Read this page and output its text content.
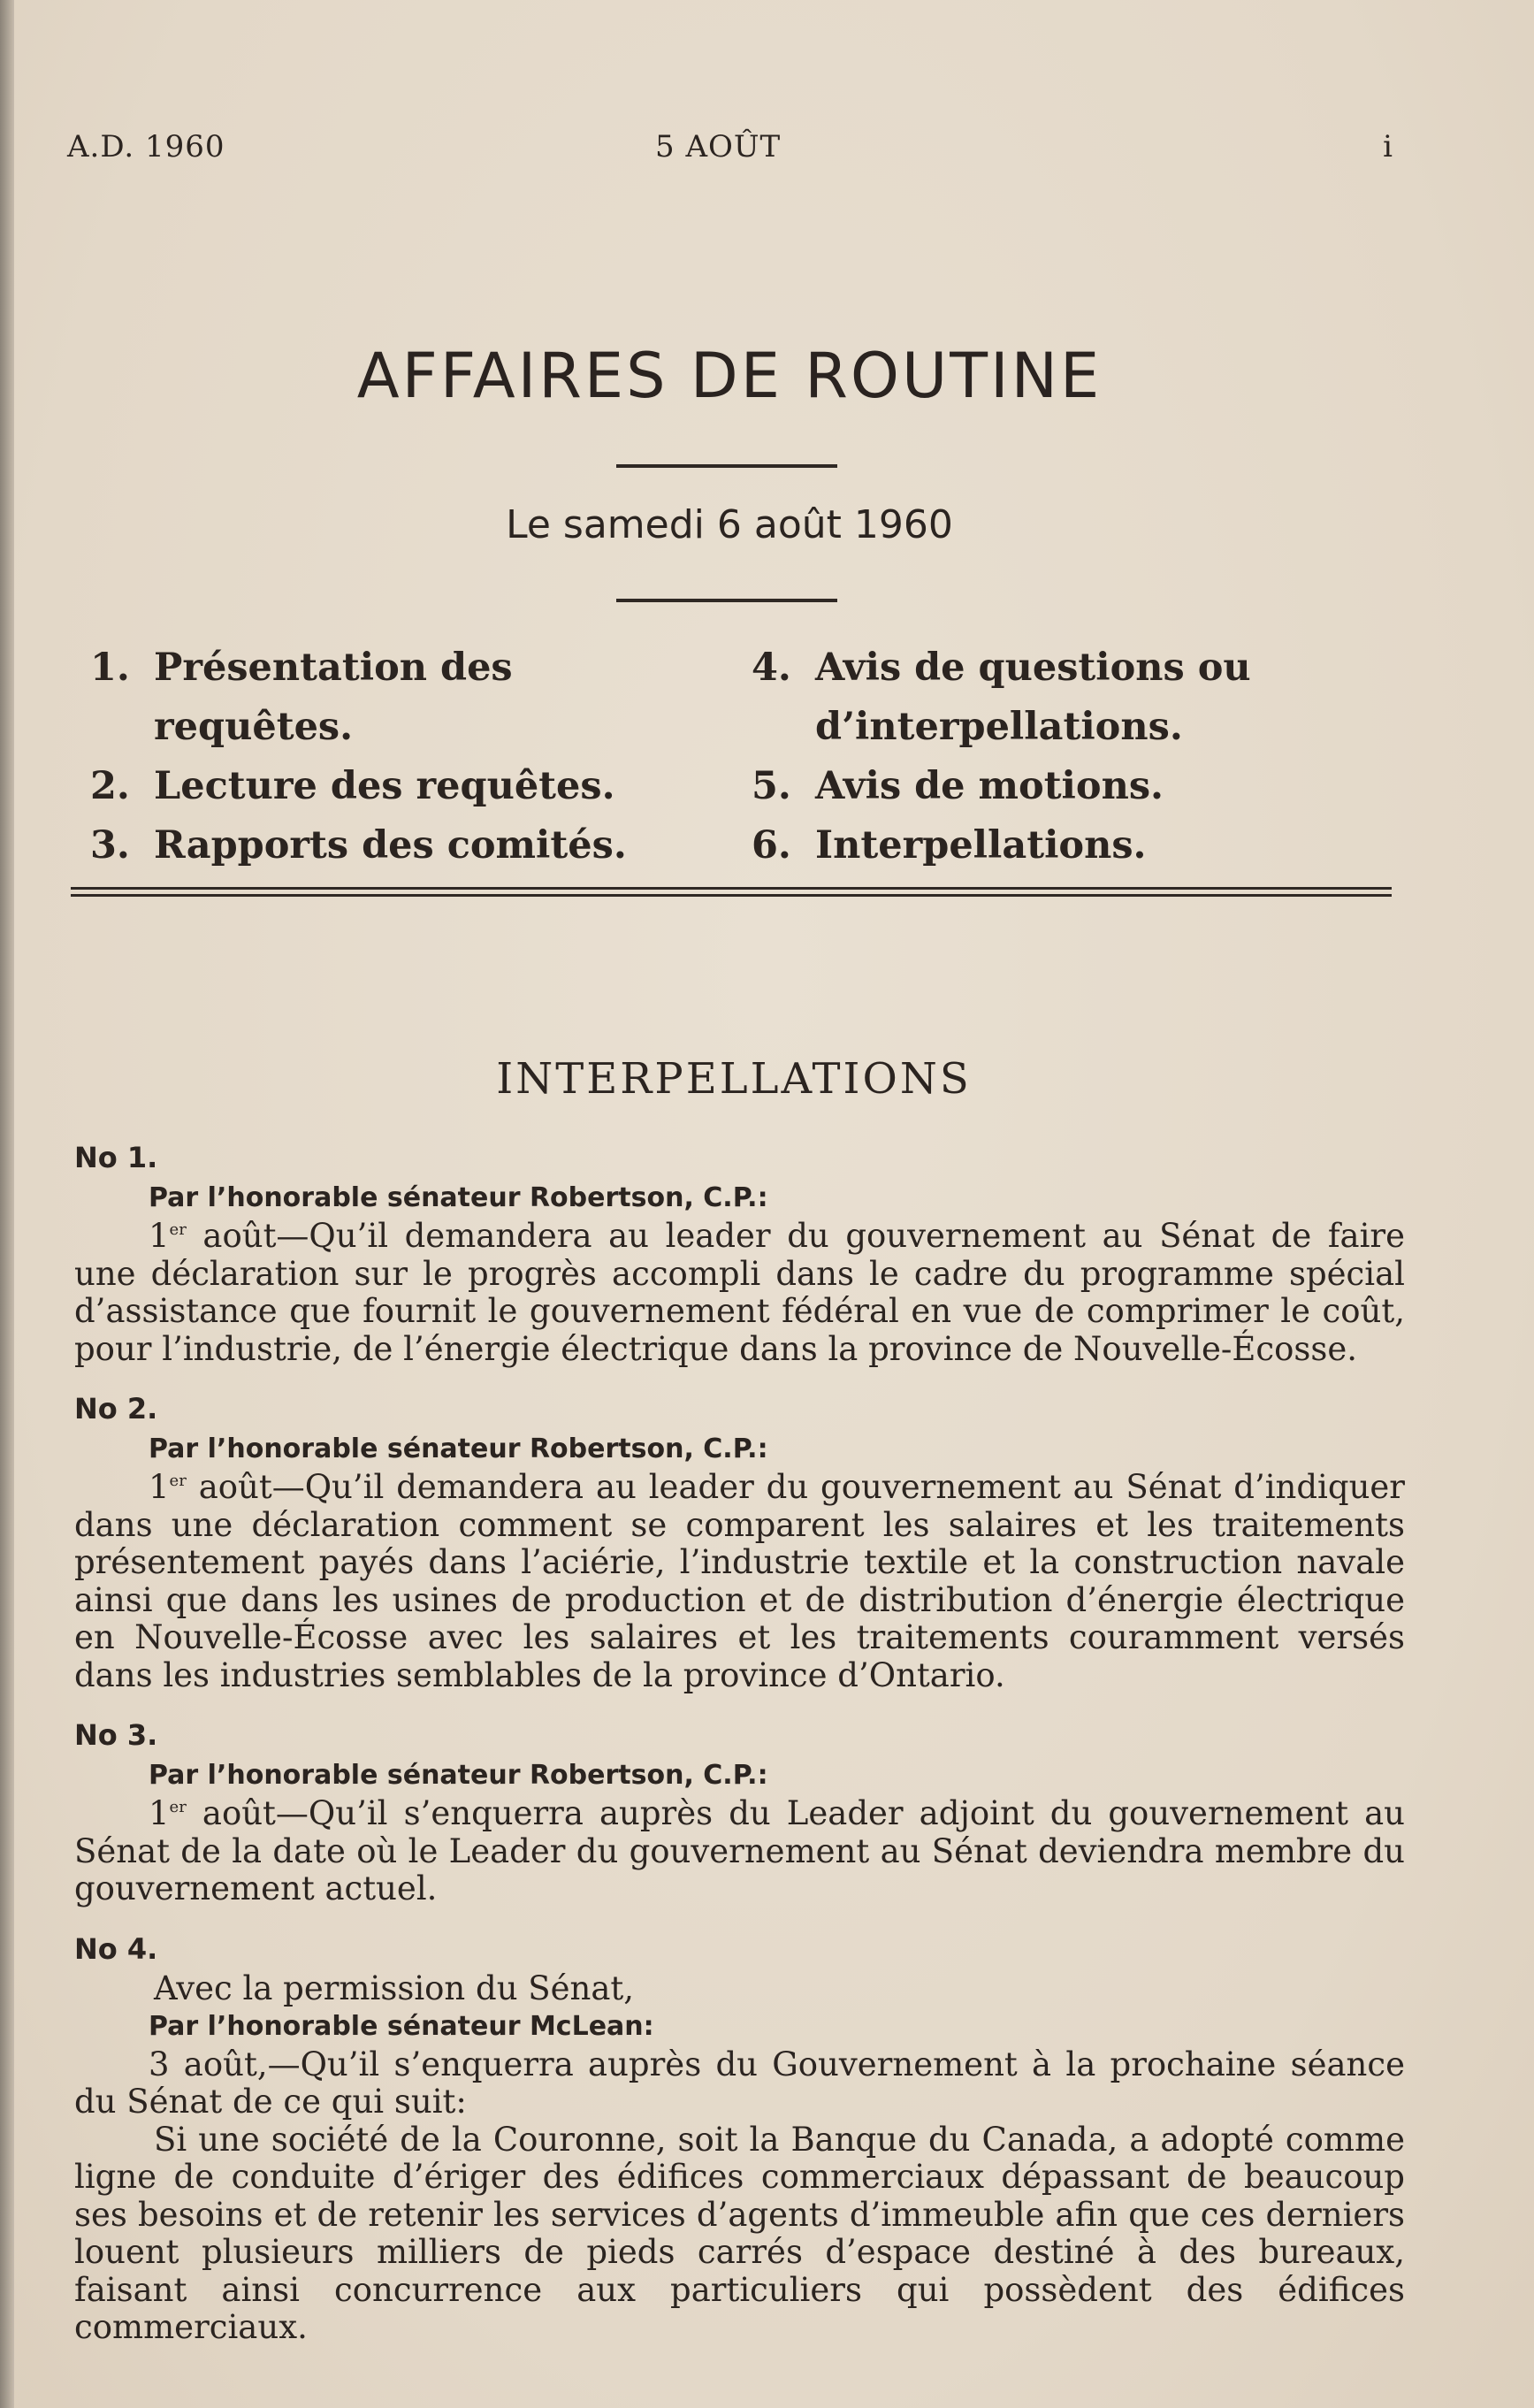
A.D. 1960	5 AOÛT	i
AFFAIRES DE ROUTINE
Le samedi 6 août 1960
1. Présentation des requêtes.
2. Lecture des requêtes.
3. Rapports des comités.
4. Avis de questions ou d’interpellations.
5. Avis de motions.
6. Interpellations.
INTERPELLATIONS
No 1.
Par l’honorable sénateur Robertson, C.P.:

1er août—Qu’il demandera au leader du gouvernement au Sénat de faire une déclaration sur le progrès accompli dans le cadre du programme spécial d’assistance que fournit le gouvernement fédéral en vue de comprimer le coût, pour l’industrie, de l’énergie électrique dans la province de Nouvelle-Écosse.

No 2.
Par l’honorable sénateur Robertson, C.P.:

1er août—Qu’il demandera au leader du gouvernement au Sénat d’indiquer dans une déclaration comment se comparent les salaires et les traitements présentement payés dans l’aciérie, l’industrie textile et la construction navale ainsi que dans les usines de production et de distribution d’énergie électrique en Nouvelle-Écosse avec les salaires et les traitements couramment versés dans les industries semblables de la province d’Ontario.

No 3.
Par l’honorable sénateur Robertson, C.P.:

1er août—Qu’il s’enquerra auprès du Leader adjoint du gouvernement au Sénat de la date où le Leader du gouvernement au Sénat deviendra membre du gouvernement actuel.

No 4.
Avec la permission du Sénat,
Par l’honorable sénateur McLean:

3 août,—Qu’il s’enquerra auprès du Gouvernement à la prochaine séance du Sénat de ce qui suit:

Si une société de la Couronne, soit la Banque du Canada, a adopté comme ligne de conduite d’ériger des édifices commerciaux dépassant de beaucoup ses besoins et de retenir les services d’agents d’immeuble afin que ces derniers louent plusieurs milliers de pieds carrés d’espace destiné à des bureaux, faisant ainsi concurrence aux particuliers qui possèdent des édifices commerciaux.
